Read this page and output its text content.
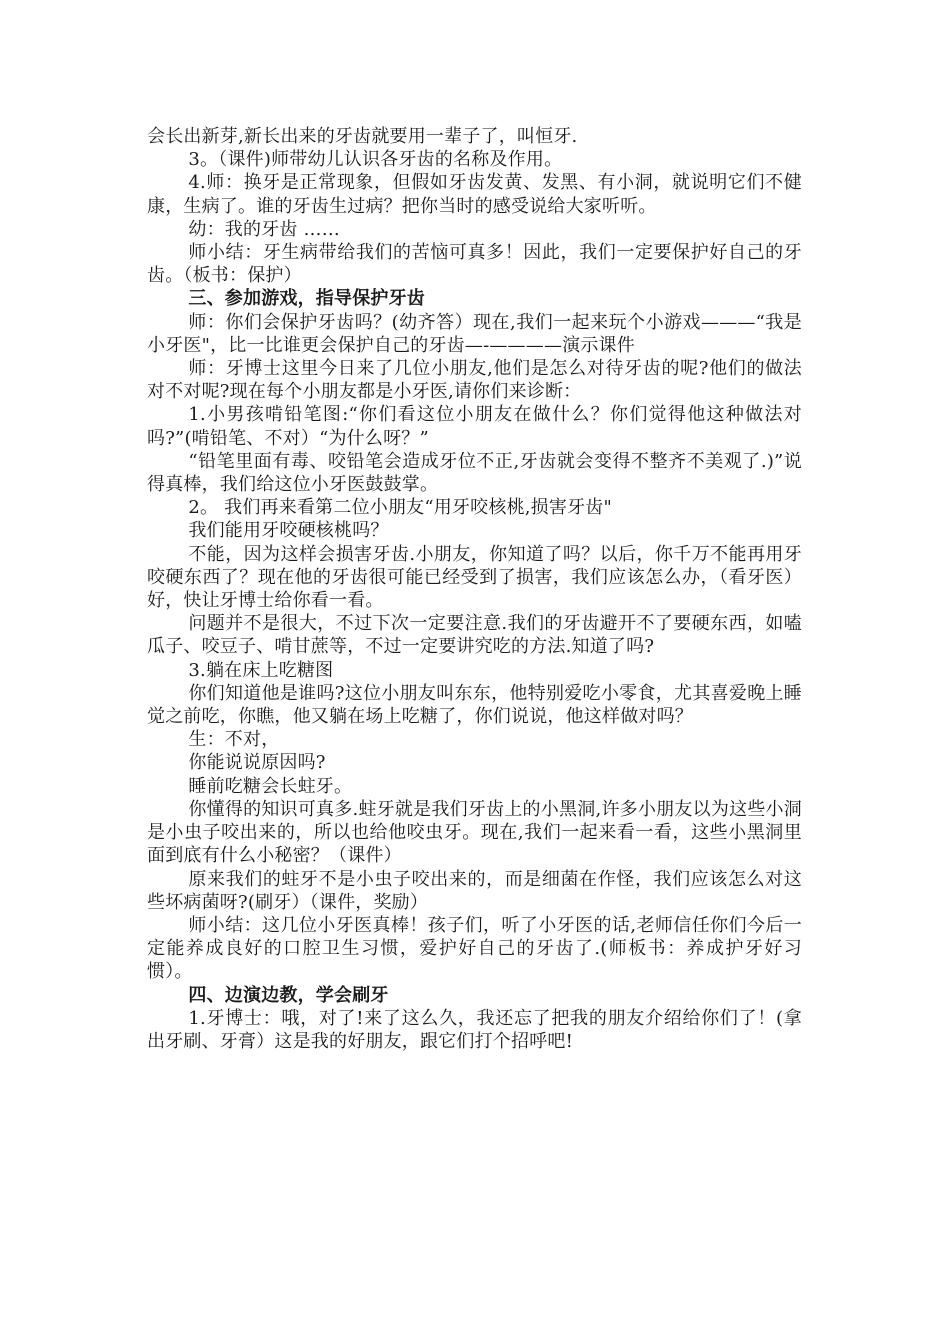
会长出新芽,新长出来的牙齿就要用一辈子了，叫恒牙.

3。（课件)师带幼儿认识各牙齿的名称及作用。

4.师：换牙是正常现象，但假如牙齿发黄、发黑、有小洞，就说明它们不健康，生病了。谁的牙齿生过病？把你当时的感受说给大家听听。

幼：我的牙齿 ……

师小结：牙生病带给我们的苦恼可真多！因此，我们一定要保护好自己的牙齿。（板书：保护）

三、参加游戏，指导保护牙齿

师：你们会保护牙齿吗？(幼齐答）现在,我们一起来玩个小游戏———“我是小牙医"，比一比谁更会保护自己的牙齿—-————演示课件

师：牙博士这里今日来了几位小朋友,他们是怎么对待牙齿的呢?他们的做法对不对呢?现在每个小朋友都是小牙医,请你们来诊断：

1.小男孩啃铅笔图:“你们看这位小朋友在做什么？你们觉得他这种做法对吗?”(啃铅笔、不对）“为什么呀？”

“铅笔里面有毒、咬铅笔会造成牙位不正,牙齿就会变得不整齐不美观了.)”说得真棒，我们给这位小牙医鼓鼓掌。

2。 我们再来看第二位小朋友“用牙咬核桃,损害牙齿"

我们能用牙咬硬核桃吗？

不能，因为这样会损害牙齿.小朋友，你知道了吗？以后，你千万不能再用牙咬硬东西了？现在他的牙齿很可能已经受到了损害，我们应该怎么办，（看牙医）好，快让牙博士给你看一看。

问题并不是很大，不过下次一定要注意.我们的牙齿避开不了要硬东西，如嗑瓜子、咬豆子、啃甘蔗等，不过一定要讲究吃的方法.知道了吗?

3.躺在床上吃糖图

你们知道他是谁吗?这位小朋友叫东东，他特别爱吃小零食，尤其喜爱晚上睡觉之前吃，你瞧，他又躺在场上吃糖了，你们说说，他这样做对吗？

生：不对，

你能说说原因吗?

睡前吃糖会长蛀牙。

你懂得的知识可真多.蛀牙就是我们牙齿上的小黑洞,许多小朋友以为这些小洞是小虫子咬出来的，所以也给他咬虫牙。现在,我们一起来看一看，这些小黑洞里面到底有什么小秘密？（课件）

原来我们的蛀牙不是小虫子咬出来的，而是细菌在作怪，我们应该怎么对这些坏病菌呀?(刷牙）（课件，奖励）

师小结：这几位小牙医真棒！孩子们，听了小牙医的话,老师信任你们今后一定能养成良好的口腔卫生习惯，爱护好自己的牙齿了.(师板书：养成护牙好习惯）。

四、边演边教，学会刷牙

1.牙博士：哦，对了!来了这么久，我还忘了把我的朋友介绍给你们了！(拿出牙刷、牙膏）这是我的好朋友，跟它们打个招呼吧!
